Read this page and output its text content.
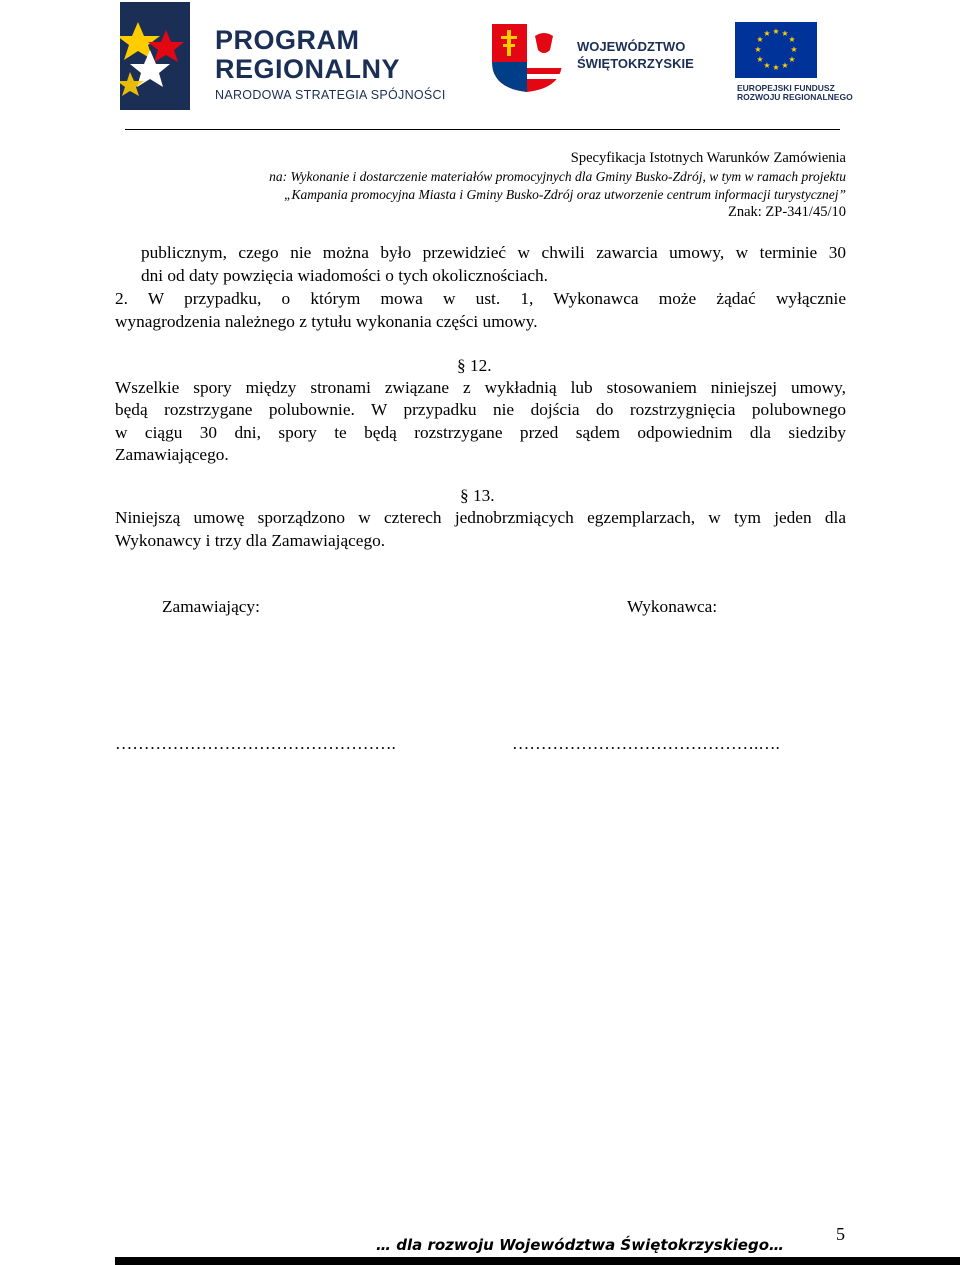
PROGRAM
REGIONALNY
NARODOWA STRATEGIA SPÓJNOŚCI
WOJEWÓDZTWO
ŚWIĘTOKRZYSKIE
★ ★
★
★
★
★
★
★
★
★
★
★
EUROPEJSKI FUNDUSZ
ROZWOJU REGIONALNEGO
Specyfikacja Istotnych Warunków Zamówienia
na: Wykonanie i dostarczenie materiałów promocyjnych dla Gminy Busko-Zdrój, w tym w ramach projektu
„Kampania promocyjna Miasta i Gminy Busko-Zdrój oraz utworzenie centrum informacji turystycznej”
Znak: ZP-341/45/10
publicznym, czego nie można było przewidzieć w chwili zawarcia umowy, w terminie 30
dni od daty powzięcia wiadomości o tych okolicznościach.
2. W przypadku, o którym mowa w ust. 1, Wykonawca może żądać wyłącznie
wynagrodzenia należnego z tytułu wykonania części umowy.
§ 12.
Wszelkie spory między stronami związane z wykładnią lub stosowaniem niniejszej umowy,
będą rozstrzygane polubownie. W przypadku nie dojścia do rozstrzygnięcia polubownego
w ciągu 30 dni, spory te będą rozstrzygane przed sądem odpowiednim dla siedziby
Zamawiającego.
§ 13.
Niniejszą umowę sporządzono w czterech jednobrzmiących egzemplarzach, w tym jeden dla
Wykonawcy i trzy dla Zamawiającego.
Zamawiający:	Wykonawca:
………………………………………….	…………………………………….….
5
… dla rozwoju Województwa Świętokrzyskiego…
